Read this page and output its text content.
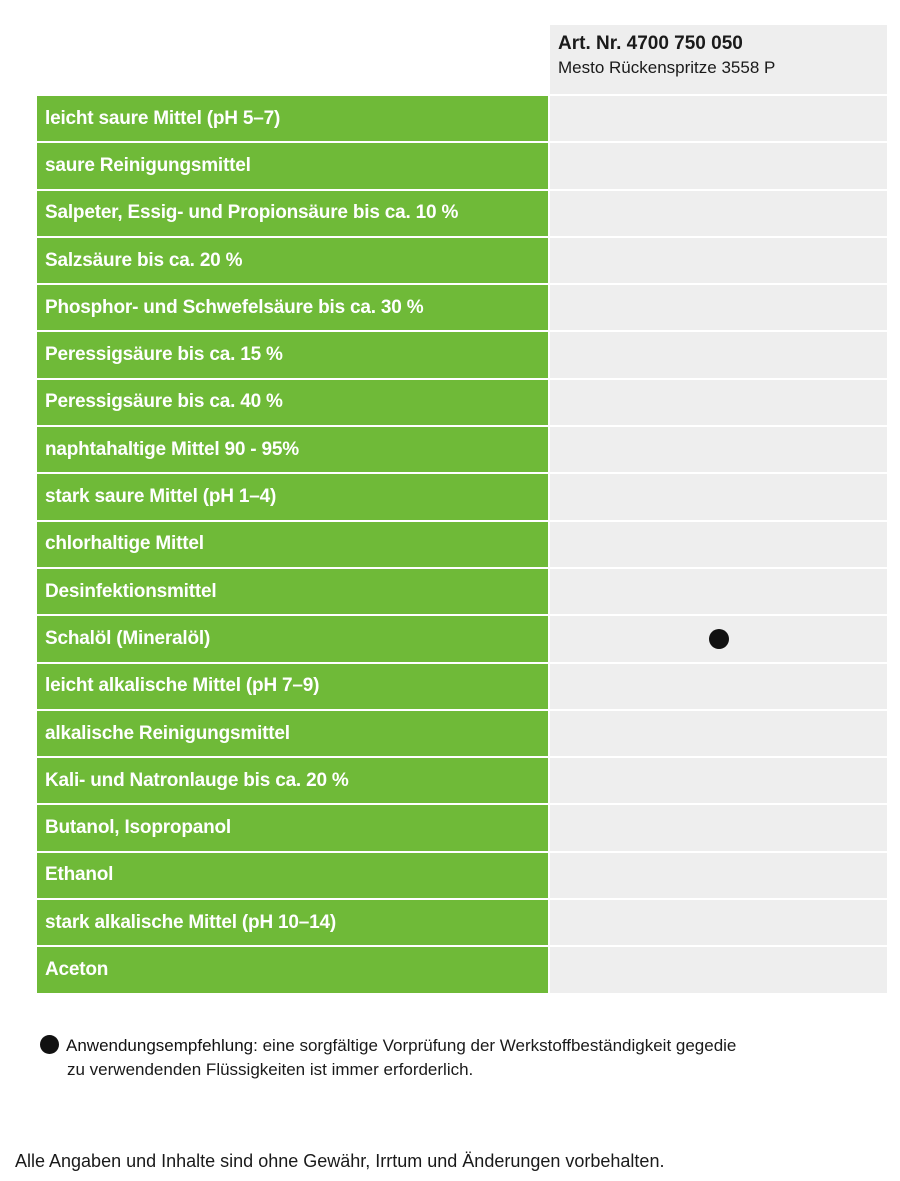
Art. Nr. 4700 750 050
Mesto Rückenspritze 3558 P
leicht saure Mittel (pH 5–7)
saure Reinigungsmittel
Salpeter, Essig- und Propionsäure bis ca. 10 %
Salzsäure bis ca. 20 %
Phosphor- und Schwefelsäure bis ca. 30 %
Peressigsäure bis ca. 15 %
Peressigsäure bis ca. 40 %
naphtahaltige Mittel 90 - 95%
stark saure Mittel (pH 1–4)
chlorhaltige Mittel
Desinfektionsmittel
Schalöl (Mineralöl)
leicht alkalische Mittel (pH 7–9)
alkalische Reinigungsmittel
Kali- und Natronlauge bis ca. 20 %
Butanol, Isopropanol
Ethanol
stark alkalische Mittel (pH 10–14)
Aceton
Anwendungsempfehlung: eine sorgfältige Vorprüfung der Werkstoffbeständigkeit gegedie
zu verwendenden Flüssigkeiten ist immer erforderlich.
Alle Angaben und Inhalte sind ohne Gewähr, Irrtum und Änderungen vorbehalten.
